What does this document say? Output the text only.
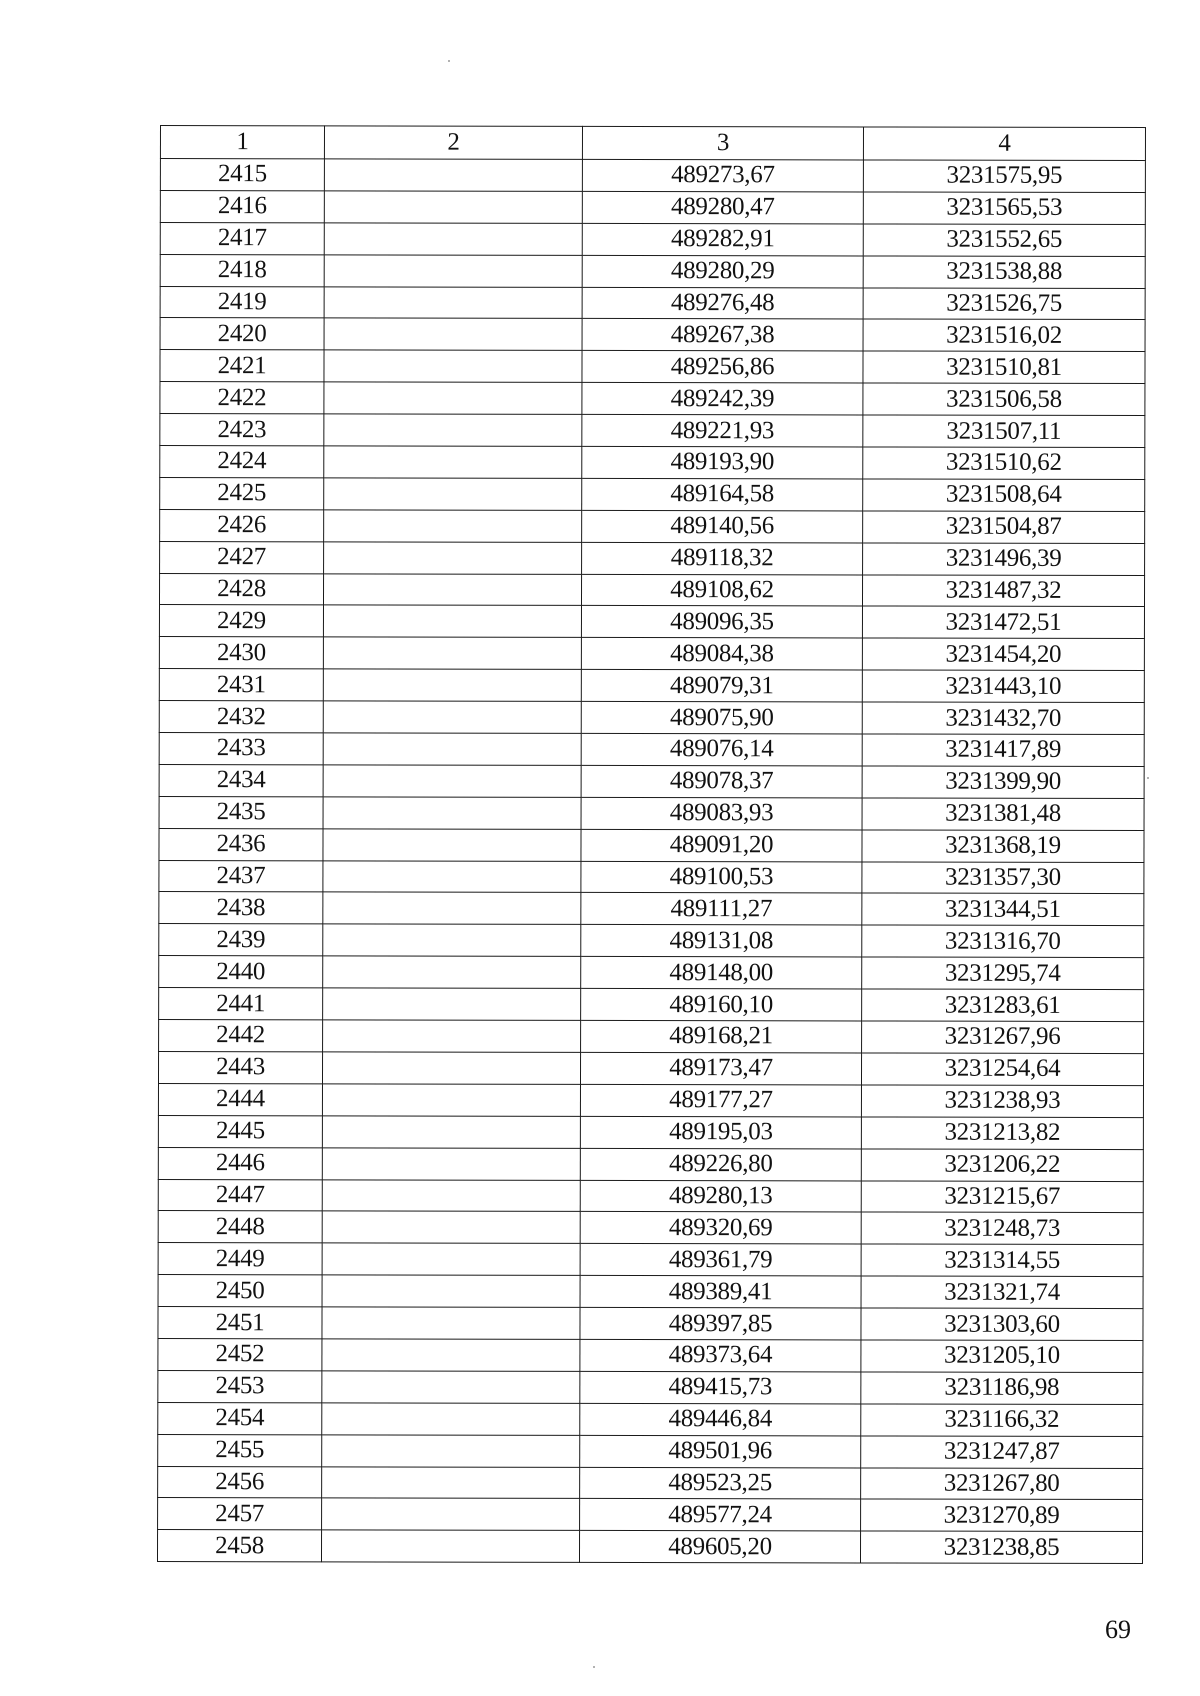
1	2	3	4
2415		489273,67	3231575,95
2416		489280,47	3231565,53
2417		489282,91	3231552,65
2418		489280,29	3231538,88
2419		489276,48	3231526,75
2420		489267,38	3231516,02
2421		489256,86	3231510,81
2422		489242,39	3231506,58
2423		489221,93	3231507,11
2424		489193,90	3231510,62
2425		489164,58	3231508,64
2426		489140,56	3231504,87
2427		489118,32	3231496,39
2428		489108,62	3231487,32
2429		489096,35	3231472,51
2430		489084,38	3231454,20
2431		489079,31	3231443,10
2432		489075,90	3231432,70
2433		489076,14	3231417,89
2434		489078,37	3231399,90
2435		489083,93	3231381,48
2436		489091,20	3231368,19
2437		489100,53	3231357,30
2438		489111,27	3231344,51
2439		489131,08	3231316,70
2440		489148,00	3231295,74
2441		489160,10	3231283,61
2442		489168,21	3231267,96
2443		489173,47	3231254,64
2444		489177,27	3231238,93
2445		489195,03	3231213,82
2446		489226,80	3231206,22
2447		489280,13	3231215,67
2448		489320,69	3231248,73
2449		489361,79	3231314,55
2450		489389,41	3231321,74
2451		489397,85	3231303,60
2452		489373,64	3231205,10
2453		489415,73	3231186,98
2454		489446,84	3231166,32
2455		489501,96	3231247,87
2456		489523,25	3231267,80
2457		489577,24	3231270,89
2458		489605,20	3231238,85
69
